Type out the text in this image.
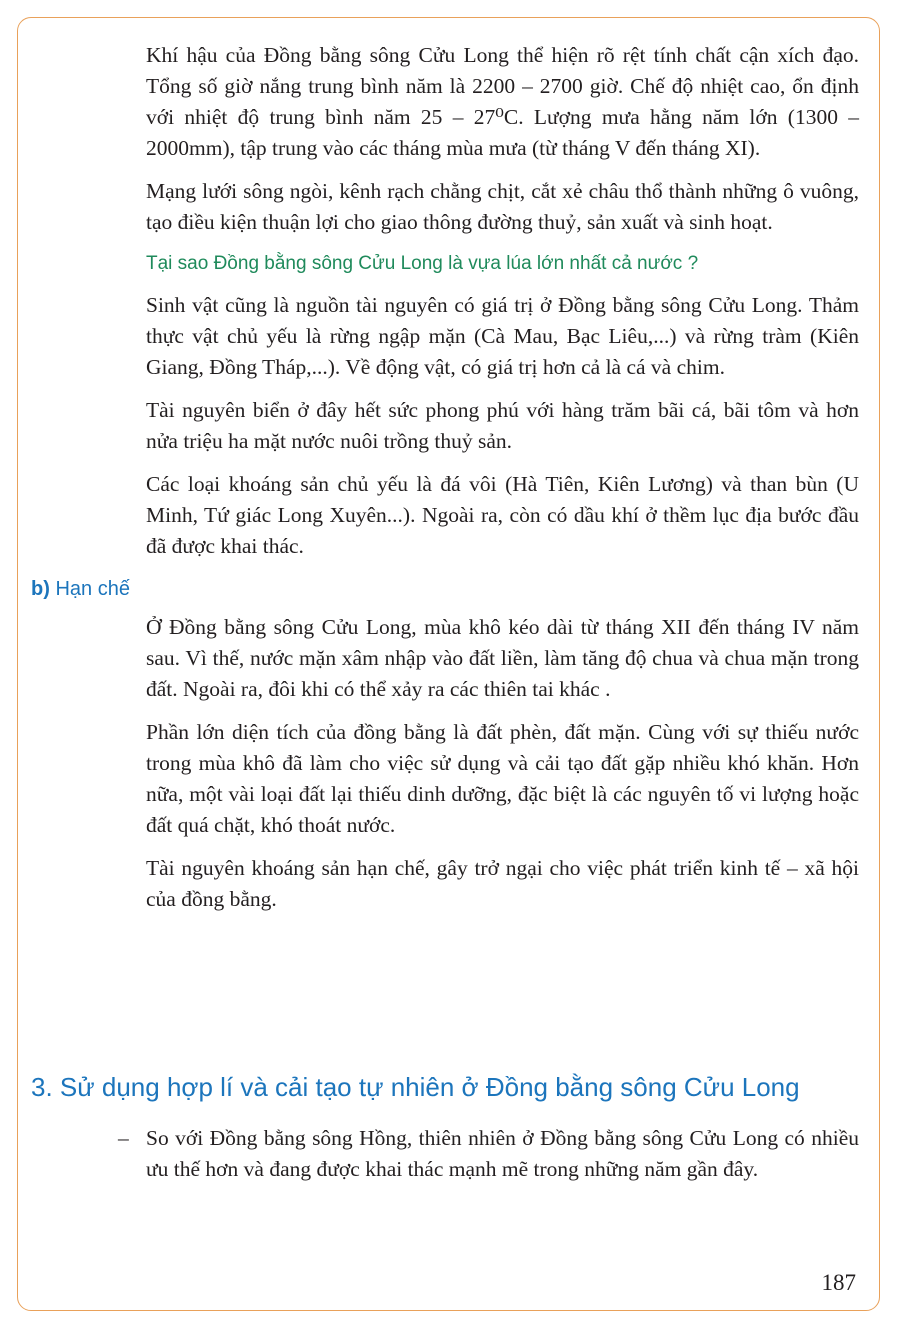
Khí hậu của Đồng bằng sông Cửu Long thể hiện rõ rệt tính chất cận xích đạo. Tổng số giờ nắng trung bình năm là 2200 – 2700 giờ. Chế độ nhiệt cao, ổn định với nhiệt độ trung bình năm 25 – 27⁰C. Lượng mưa hằng năm lớn (1300 – 2000mm), tập trung vào các tháng mùa mưa (từ tháng V đến tháng XI).

Mạng lưới sông ngòi, kênh rạch chằng chịt, cắt xẻ châu thổ thành những ô vuông, tạo điều kiện thuận lợi cho giao thông đường thuỷ, sản xuất và sinh hoạt.

Tại sao Đồng bằng sông Cửu Long là vựa lúa lớn nhất cả nước ?

Sinh vật cũng là nguồn tài nguyên có giá trị ở Đồng bằng sông Cửu Long. Thảm thực vật chủ yếu là rừng ngập mặn (Cà Mau, Bạc Liêu,...) và rừng tràm (Kiên Giang, Đồng Tháp,...). Về động vật, có giá trị hơn cả là cá và chim.

Tài nguyên biển ở đây hết sức phong phú với hàng trăm bãi cá, bãi tôm và hơn nửa triệu ha mặt nước nuôi trồng thuỷ sản.

Các loại khoáng sản chủ yếu là đá vôi (Hà Tiên, Kiên Lương) và than bùn (U Minh, Tứ giác Long Xuyên...). Ngoài ra, còn có dầu khí ở thềm lục địa bước đầu đã được khai thác.

b) Hạn chế

Ở Đồng bằng sông Cửu Long, mùa khô kéo dài từ tháng XII đến tháng IV năm sau. Vì thế, nước mặn xâm nhập vào đất liền, làm tăng độ chua và chua mặn trong đất. Ngoài ra, đôi khi có thể xảy ra các thiên tai khác .

Phần lớn diện tích của đồng bằng là đất phèn, đất mặn. Cùng với sự thiếu nước trong mùa khô đã làm cho việc sử dụng và cải tạo đất gặp nhiều khó khăn. Hơn nữa, một vài loại đất lại thiếu dinh dưỡng, đặc biệt là các nguyên tố vi lượng hoặc đất quá chặt, khó thoát nước.

Tài nguyên khoáng sản hạn chế, gây trở ngại cho việc phát triển kinh tế – xã hội của đồng bằng.

3. Sử dụng hợp lí và cải tạo tự nhiên ở Đồng bằng sông Cửu Long
– So với Đồng bằng sông Hồng, thiên nhiên ở Đồng bằng sông Cửu Long có nhiều ưu thế hơn và đang được khai thác mạnh mẽ trong những năm gần đây.

187
